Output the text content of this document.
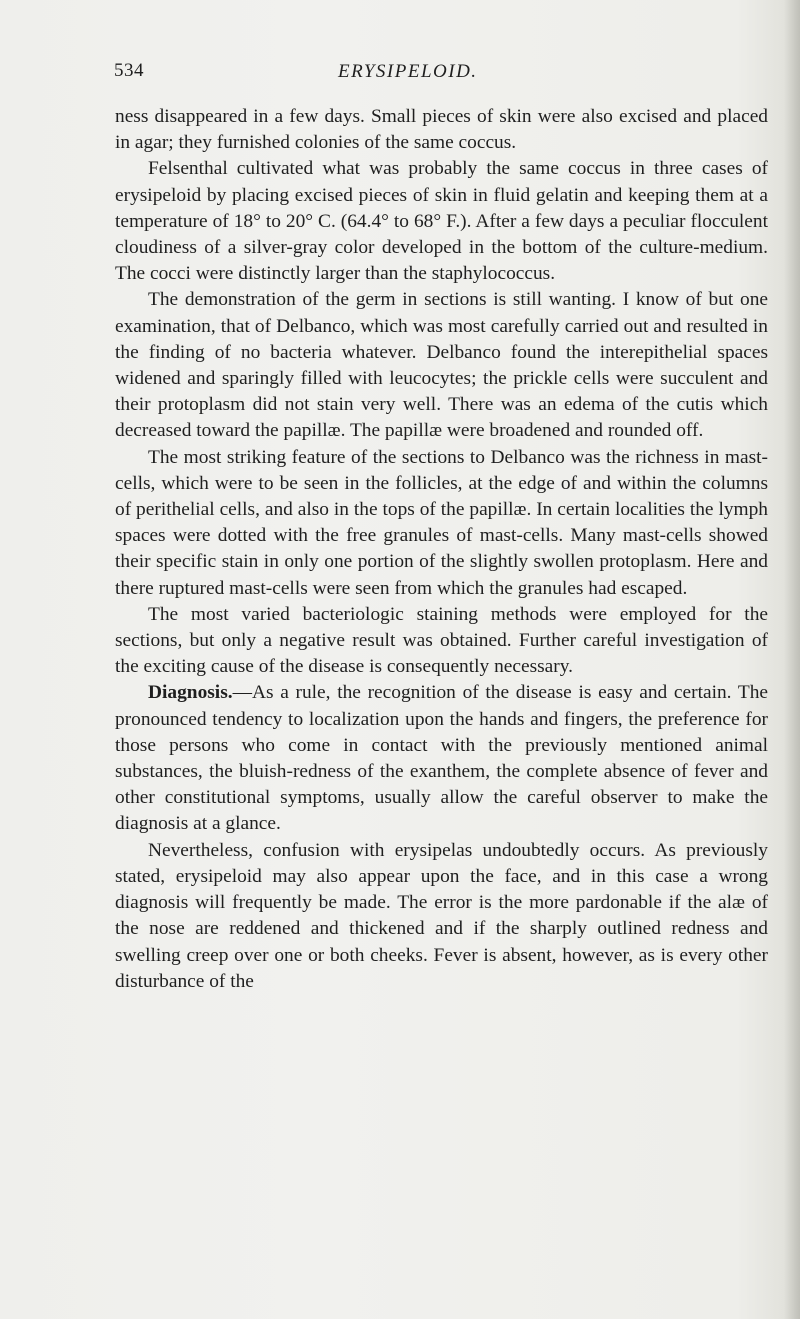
534	ERYSIPELOID.

ness disappeared in a few days. Small pieces of skin were also excised and placed in agar; they furnished colonies of the same coccus.

Felsenthal cultivated what was probably the same coccus in three cases of erysipeloid by placing excised pieces of skin in fluid gelatin and keeping them at a temperature of 18° to 20° C. (64.4° to 68° F.). After a few days a peculiar flocculent cloudiness of a silver-gray color developed in the bottom of the culture-medium. The cocci were distinctly larger than the staphylococcus.

The demonstration of the germ in sections is still wanting. I know of but one examination, that of Delbanco, which was most carefully carried out and resulted in the finding of no bacteria whatever. Delbanco found the interepithelial spaces widened and sparingly filled with leucocytes; the prickle cells were succulent and their protoplasm did not stain very well. There was an edema of the cutis which decreased toward the papillæ. The papillæ were broadened and rounded off.

The most striking feature of the sections to Delbanco was the richness in mast-cells, which were to be seen in the follicles, at the edge of and within the columns of perithelial cells, and also in the tops of the papillæ. In certain localities the lymph spaces were dotted with the free granules of mast-cells. Many mast-cells showed their specific stain in only one portion of the slightly swollen protoplasm. Here and there ruptured mast-cells were seen from which the granules had escaped.

The most varied bacteriologic staining methods were employed for the sections, but only a negative result was obtained. Further careful investigation of the exciting cause of the disease is consequently necessary.

Diagnosis.—As a rule, the recognition of the disease is easy and certain. The pronounced tendency to localization upon the hands and fingers, the preference for those persons who come in contact with the previously mentioned animal substances, the bluish-redness of the exanthem, the complete absence of fever and other constitutional symptoms, usually allow the careful observer to make the diagnosis at a glance.

Nevertheless, confusion with erysipelas undoubtedly occurs. As previously stated, erysipeloid may also appear upon the face, and in this case a wrong diagnosis will frequently be made. The error is the more pardonable if the alæ of the nose are reddened and thickened and if the sharply outlined redness and swelling creep over one or both cheeks. Fever is absent, however, as is every other disturbance of the
